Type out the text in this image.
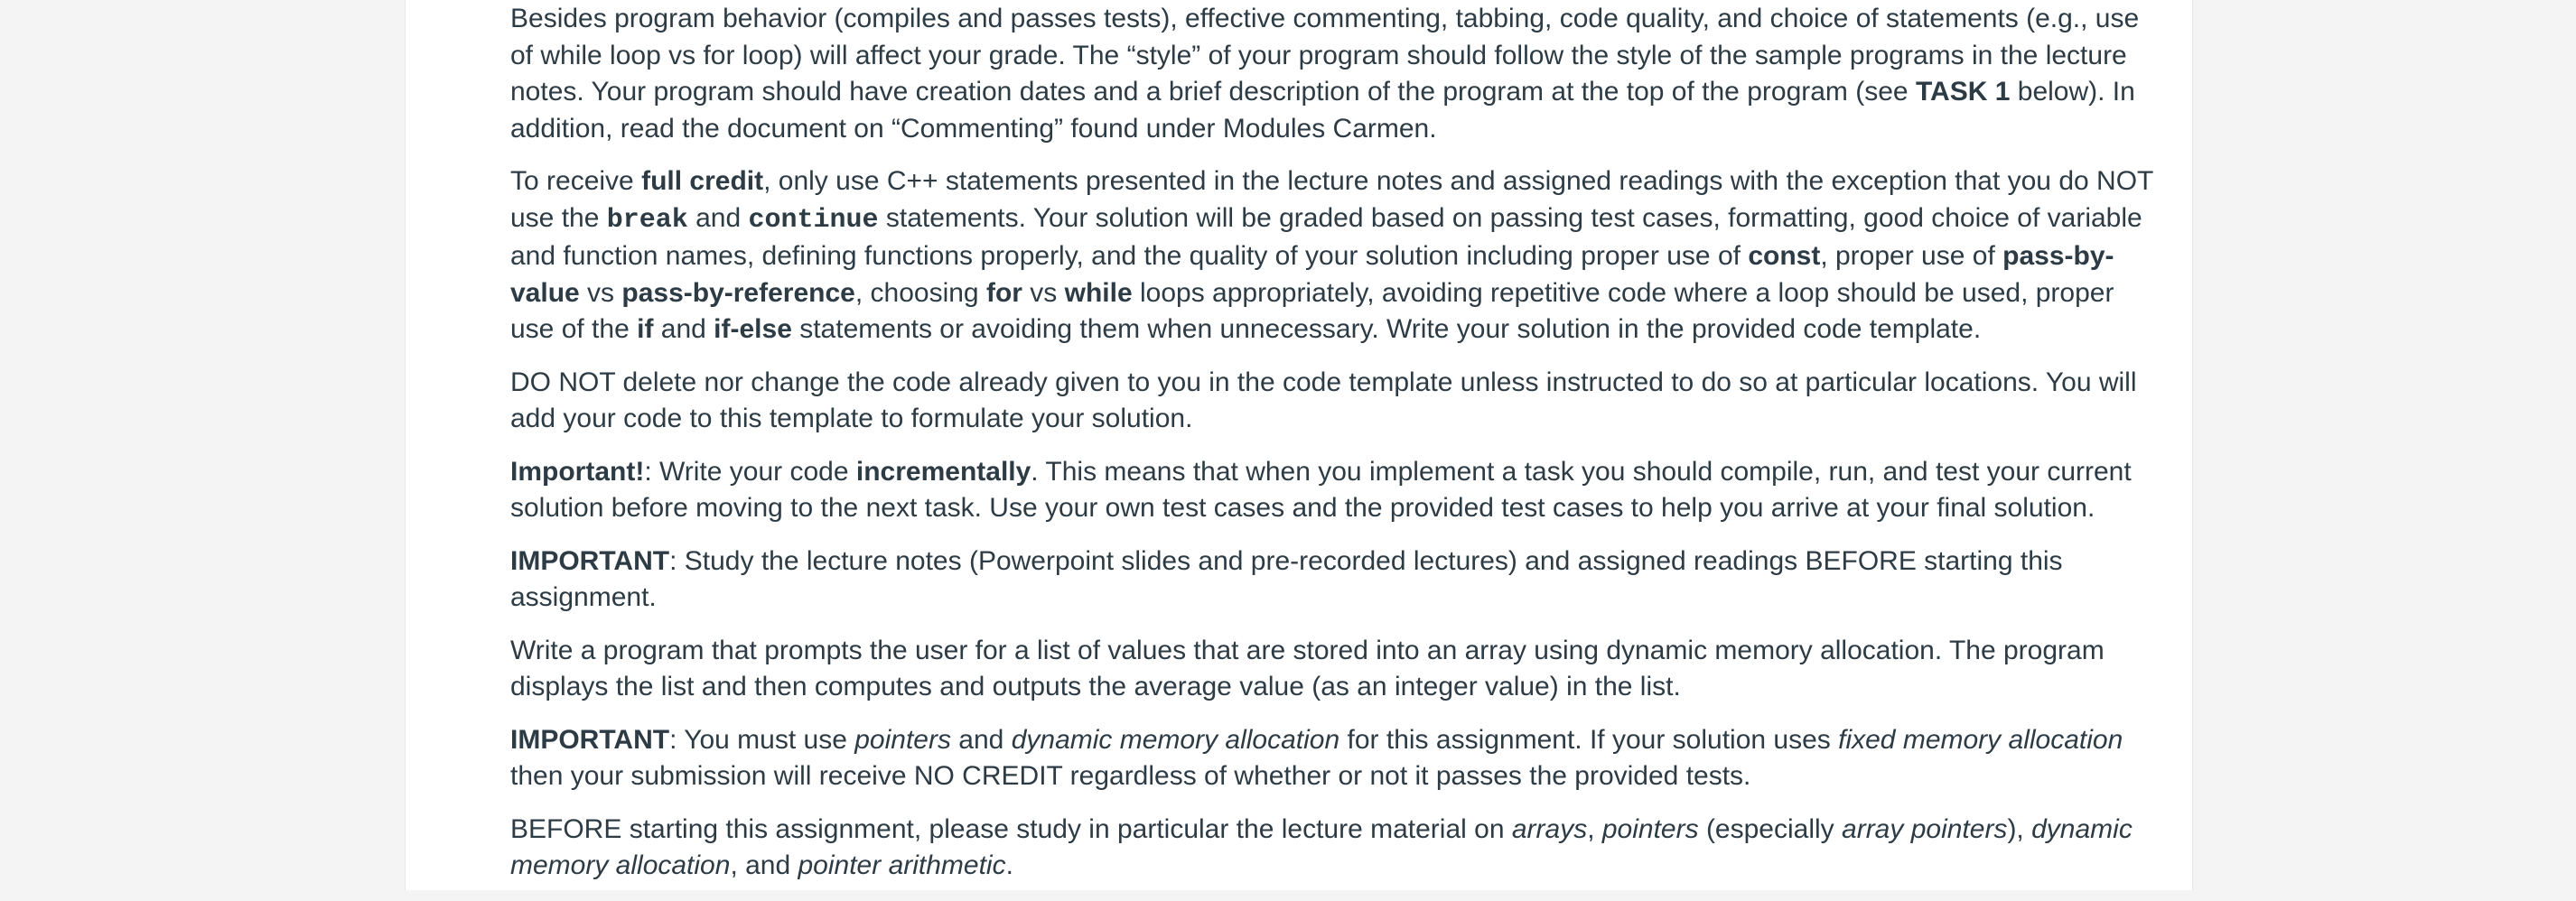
Besides program behavior (compiles and passes tests), effective commenting, tabbing, code quality, and choice of statements (e.g., use of while loop vs for loop) will affect your grade. The “style” of your program should follow the style of the sample programs in the lecture notes. Your program should have creation dates and a brief description of the program at the top of the program (see TASK 1 below). In addition, read the document on “Commenting” found under Modules Carmen.

To receive full credit, only use C++ statements presented in the lecture notes and assigned readings with the exception that you do NOT use the break and continue statements. Your solution will be graded based on passing test cases, formatting, good choice of variable and function names, defining functions properly, and the quality of your solution including proper use of const, proper use of pass-by-value vs pass-by-reference, choosing for vs while loops appropriately, avoiding repetitive code where a loop should be used, proper use of the if and if-else statements or avoiding them when unnecessary. Write your solution in the provided code template.

DO NOT delete nor change the code already given to you in the code template unless instructed to do so at particular locations. You will add your code to this template to formulate your solution.

Important!: Write your code incrementally. This means that when you implement a task you should compile, run, and test your current solution before moving to the next task. Use your own test cases and the provided test cases to help you arrive at your final solution.

IMPORTANT: Study the lecture notes (Powerpoint slides and pre-recorded lectures) and assigned readings BEFORE starting this assignment.

Write a program that prompts the user for a list of values that are stored into an array using dynamic memory allocation. The program displays the list and then computes and outputs the average value (as an integer value) in the list.

IMPORTANT: You must use pointers and dynamic memory allocation for this assignment. If your solution uses fixed memory allocation then your submission will receive NO CREDIT regardless of whether or not it passes the provided tests.

BEFORE starting this assignment, please study in particular the lecture material on arrays, pointers (especially array pointers), dynamic memory allocation, and pointer arithmetic.
